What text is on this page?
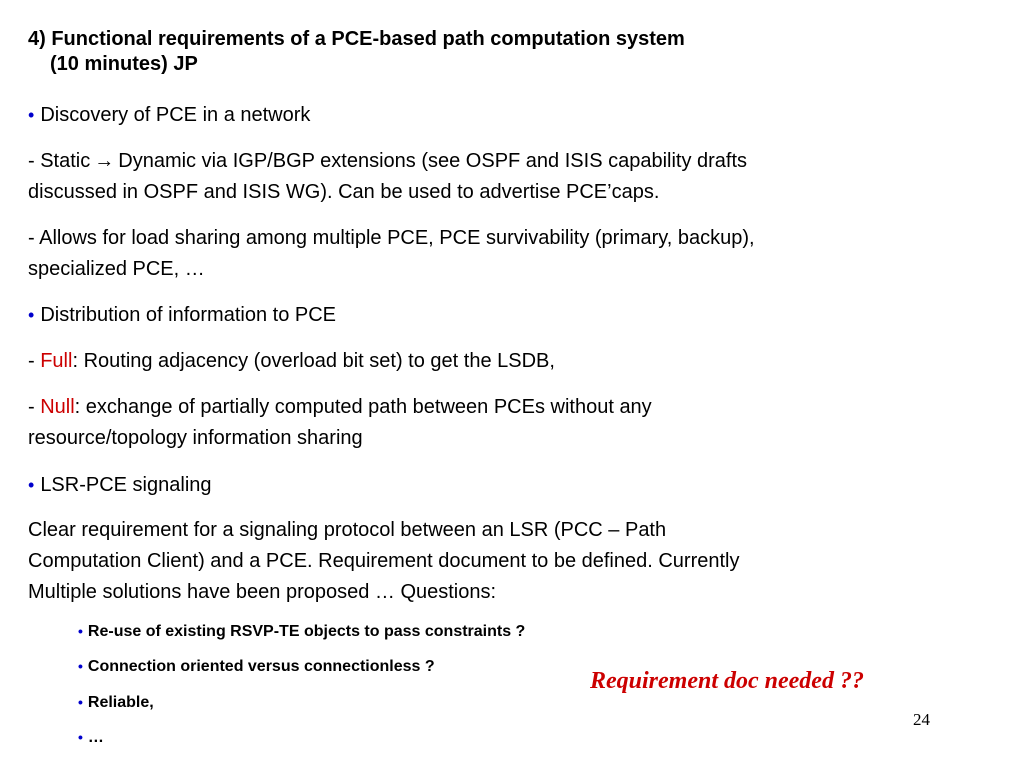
4) Functional requirements of a PCE-based path computation system
(10 minutes) JP
• Discovery of PCE in a network
- Static → Dynamic via IGP/BGP extensions (see OSPF and ISIS capability drafts
discussed in OSPF and ISIS WG). Can be used to advertise PCE’caps.
- Allows for load sharing among multiple PCE, PCE survivability (primary, backup),
specialized PCE, …
• Distribution of information to PCE
- Full: Routing adjacency (overload bit set) to get the LSDB,
- Null: exchange of partially computed path between PCEs without any
resource/topology information sharing
• LSR-PCE signaling
Clear requirement for a signaling protocol between an LSR (PCC – Path
Computation Client) and a PCE. Requirement document to be defined. Currently
Multiple solutions have been proposed … Questions:
• Re-use of existing RSVP-TE objects to pass constraints ?
• Connection oriented versus connectionless ?
• Reliable,
• …
Requirement doc needed ??
24
